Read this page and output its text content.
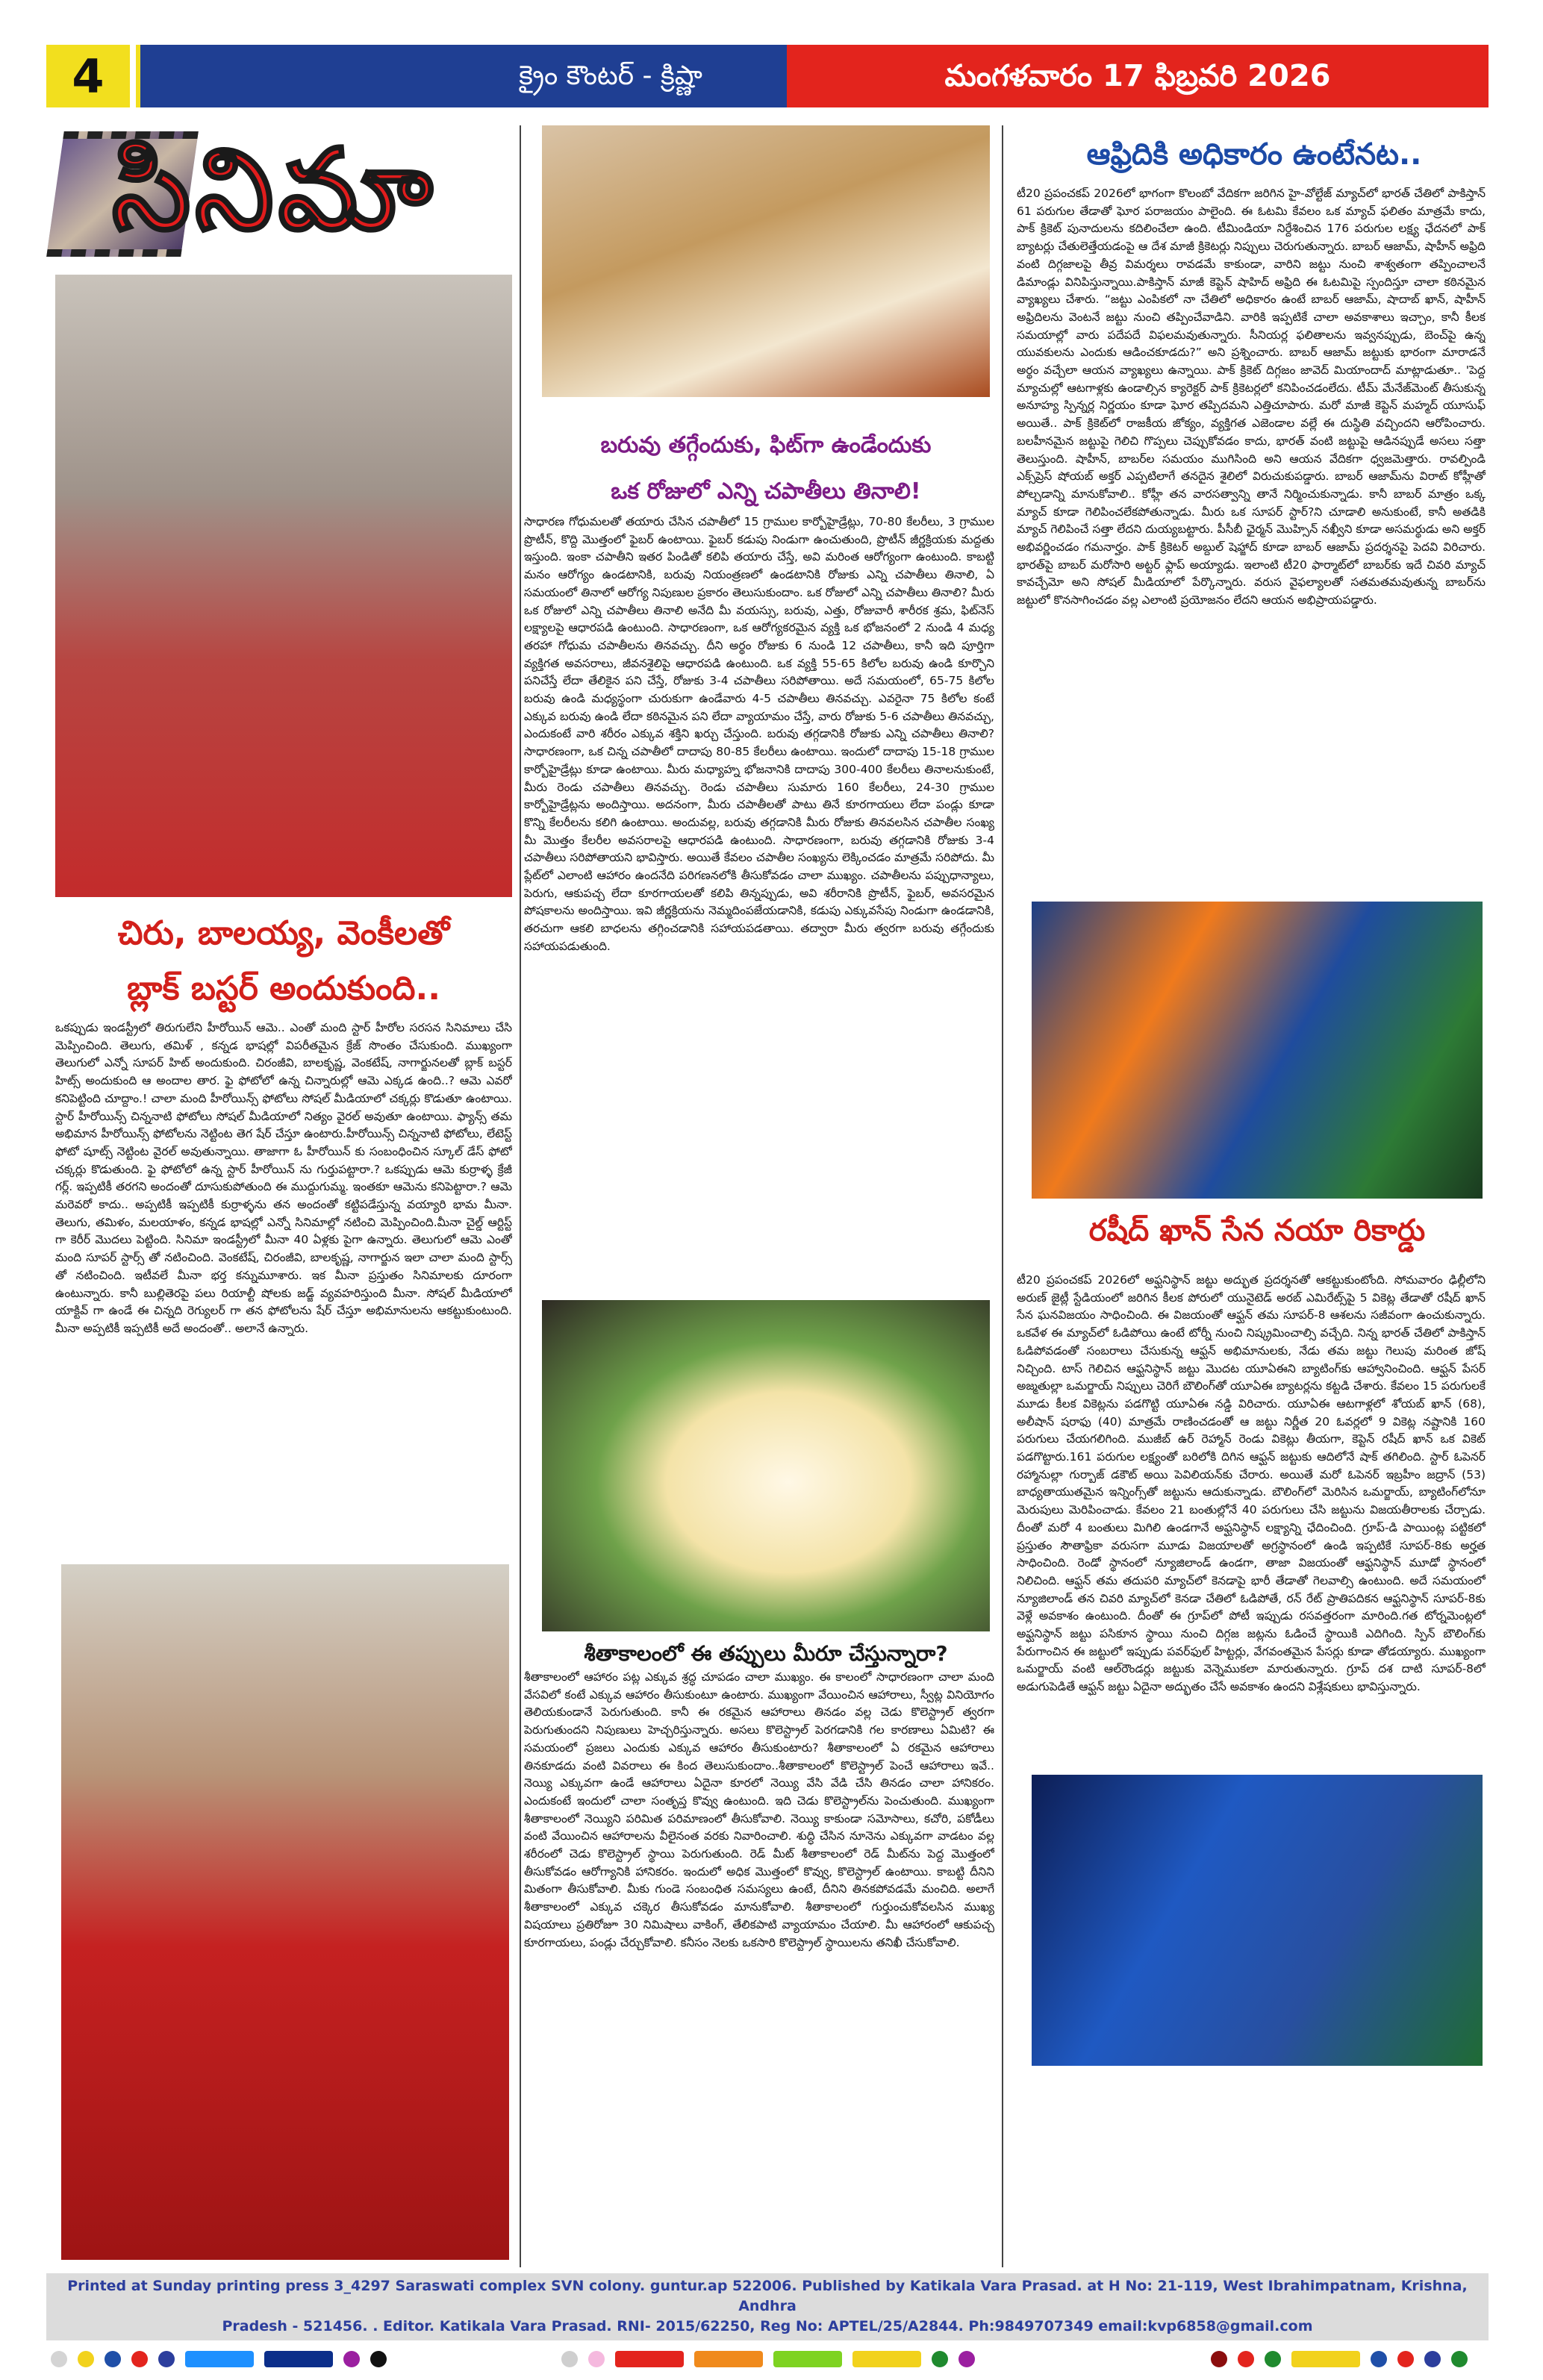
4	క్రైం కౌంటర్ - క్రిష్ణా	మంగళవారం 17 ఫిబ్రవరి 2026
సినిమా
చిరు, బాలయ్య, వెంకీలతో
బ్లాక్ బస్టర్ అందుకుంది..
ఒకప్పుడు ఇండస్ట్రీలో తిరుగులేని హీరోయిన్ ఆమె.. ఎంతో మంది స్టార్ హీరోల సరసన సినిమాలు చేసి మెప్పించింది. తెలుగు, తమిళ్ , కన్నడ భాషల్లో విపరీతమైన క్రేజ్ సొంతం చేసుకుంది. ముఖ్యంగా తెలుగులో ఎన్నో సూపర్ హిట్ అందుకుంది. చిరంజీవి, బాలకృష్ణ, వెంకటేష్, నాగార్జునలతో బ్లాక్ బస్టర్ హిట్స్ అందుకుంది ఆ అందాల తార. ఫై ఫోటోలో ఉన్న చిన్నారుల్లో ఆమె ఎక్కడ ఉంది..? ఆమె ఎవరో కనిపెట్టింది చూద్దాం.! చాలా మంది హీరోయిన్స్ ఫోటోలు సోషల్ మీడియాలో చక్కర్లు కొడుతూ ఉంటాయి. స్టార్ హీరోయిన్స్ చిన్ననాటి ఫోటోలు సోషల్ మీడియాలో నిత్యం వైరల్ అవుతూ ఉంటాయి. ఫ్యాన్స్ తమ అభిమాన హీరోయిన్స్ ఫోటోలను నెట్టింట తెగ షేర్ చేస్తూ ఉంటారు.హీరోయిన్స్ చిన్ననాటి ఫోటోలు, లేటెస్ట్ ఫోటో షూట్స్ నెట్టింట వైరల్ అవుతున్నాయి. తాజాగా ఓ హీరోయిన్ కు సంబంధించిన స్కూల్ డేస్ ఫోటో చక్కర్లు కొడుతుంది. ఫై ఫోటోలో ఉన్న స్టార్ హీరోయిన్ ను గుర్తుపట్టారా.? ఒకప్పుడు ఆమె కుర్రాళ్ళ క్రేజీ గర్ల్. ఇప్పటికీ తరగని అందంతో దూసుకుపోతుంది ఈ ముద్దుగుమ్మ. ఇంతకూ ఆమెను కనిపెట్టారా.? ఆమె మరెవరో కాదు.. అప్పటికీ ఇప్పటికీ కుర్రాళ్ళను తన అందంతో కట్టిపడేస్తున్న వయ్యారి భామ మీనా. తెలుగు, తమిళం, మలయాళం, కన్నడ భాషల్లో ఎన్నో సినిమాల్లో నటించి మెప్పించింది.మీనా చైల్డ్ ఆర్టిస్ట్ గా కెరీర్ మొదలు పెట్టింది. సినిమా ఇండస్ట్రీలో మీనా 40 ఏళ్లకు పైగా ఉన్నారు. తెలుగులో ఆమె ఎంతో మంది సూపర్ స్టార్స్ తో నటించింది. వెంకటేష్, చిరంజీవి, బాలకృష్ణ, నాగార్జున ఇలా చాలా మంది స్టార్స్ తో నటించింది. ఇటీవలే మీనా భర్త కన్నుమూశారు. ఇక మీనా ప్రస్తుతం సినిమాలకు దూరంగా ఉంటున్నారు. కానీ బుల్లితెరపై పలు రియాల్టీ షోలకు జడ్జ్ వ్యవహరిస్తుంది మీనా. సోషల్ మీడియాలో యాక్టివ్ గా ఉండే ఈ చిన్నది రెగ్యులర్ గా తన ఫోటోలను షేర్ చేస్తూ అభిమానులను ఆకట్టుకుంటుంది. మీనా అప్పటికీ ఇప్పటికీ అదే అందంతో.. అలానే ఉన్నారు.
బరువు తగ్గేందుకు, ఫిట్‌గా ఉండేందుకు
ఒక రోజులో ఎన్ని చపాతీలు తినాలి!
సాధారణ గోధుమలతో తయారు చేసిన చపాతీలో 15 గ్రాముల కార్బోహైడ్రేట్లు, 70-80 కేలరీలు, 3 గ్రాముల ప్రొటీన్, కొద్ది మొత్తంలో ఫైబర్ ఉంటాయి. ఫైబర్ కడుపు నిండుగా ఉంచుతుంది, ప్రొటీన్ జీర్ణక్రియకు మద్దతు ఇస్తుంది. ఇంకా చపాతీని ఇతర పిండితో కలిపి తయారు చేస్తే, అవి మరింత ఆరోగ్యంగా ఉంటుంది. కాబట్టి మనం ఆరోగ్యం ఉండటానికి, బరువు నియంత్రణలో ఉండటానికి రోజుకు ఎన్ని చపాతీలు తినాలి, ఏ సమయంలో తినాలో ఆరోగ్య నిపుణుల ప్రకారం తెలుసుకుందాం. ఒక రోజులో ఎన్ని చపాతీలు తినాలి? మీరు ఒక రోజులో ఎన్ని చపాతీలు తినాలి అనేది మీ వయస్సు, బరువు, ఎత్తు, రోజువారీ శారీరక శ్రమ, ఫిట్‌నెస్ లక్ష్యాలపై ఆధారపడి ఉంటుంది. సాధారణంగా, ఒక ఆరోగ్యకరమైన వ్యక్తి ఒక భోజనంలో 2 నుండి 4 మధ్య తరహా గోధుమ చపాతీలను తినవచ్చు. దీని అర్థం రోజుకు 6 నుండి 12 చపాతీలు, కానీ ఇది పూర్తిగా వ్యక్తిగత అవసరాలు, జీవనశైలిపై ఆధారపడి ఉంటుంది. ఒక వ్యక్తి 55-65 కిలోల బరువు ఉండి కూర్చొని పనిచేస్తే లేదా తేలికైన పని చేస్తే, రోజుకు 3-4 చపాతీలు సరిపోతాయి. అదే సమయంలో, 65-75 కిలోల బరువు ఉండి మధ్యస్థంగా చురుకుగా ఉండేవారు 4-5 చపాతీలు తినవచ్చు. ఎవరైనా 75 కిలోల కంటే ఎక్కువ బరువు ఉండి లేదా కఠినమైన పని లేదా వ్యాయామం చేస్తే, వారు రోజుకు 5-6 చపాతీలు తినవచ్చు, ఎందుకంటే వారి శరీరం ఎక్కువ శక్తిని ఖర్చు చేస్తుంది. బరువు తగ్గడానికి రోజుకు ఎన్ని చపాతీలు తినాలి? సాధారణంగా, ఒక చిన్న చపాతీలో దాదాపు 80-85 కేలరీలు ఉంటాయి. ఇందులో దాదాపు 15-18 గ్రాముల కార్బోహైడ్రేట్లు కూడా ఉంటాయి. మీరు మధ్యాహ్న భోజనానికి దాదాపు 300-400 కేలరీలు తినాలనుకుంటే, మీరు రెండు చపాతీలు తినవచ్చు. రెండు చపాతీలు సుమారు 160 కేలరీలు, 24-30 గ్రాముల కార్బోహైడ్రేట్లను అందిస్తాయి. అదనంగా, మీరు చపాతీలతో పాటు తినే కూరగాయలు లేదా పండ్లు కూడా కొన్ని కేలరీలను కలిగి ఉంటాయి. అందువల్ల, బరువు తగ్గడానికి మీరు రోజుకు తినవలసిన చపాతీల సంఖ్య మీ మొత్తం కేలరీల అవసరాలపై ఆధారపడి ఉంటుంది. సాధారణంగా, బరువు తగ్గడానికి రోజుకు 3-4 చపాతీలు సరిపోతాయని భావిస్తారు. అయితే కేవలం చపాతీల సంఖ్యను లెక్కించడం మాత్రమే సరిపోదు. మీ ప్లేట్‌లో ఎలాంటి ఆహారం ఉందనేది పరిగణనలోకి తీసుకోవడం చాలా ముఖ్యం. చపాతీలను పప్పుధాన్యాలు, పెరుగు, ఆకుపచ్చ లేదా కూరగాయలతో కలిపి తిన్నప్పుడు, అవి శరీరానికి ప్రొటీన్, ఫైబర్, అవసరమైన పోషకాలను అందిస్తాయి. ఇవి జీర్ణక్రియను నెమ్మదింపజేయడానికి, కడుపు ఎక్కువసేపు నిండుగా ఉండడానికి, తరచుగా ఆకలి బాధలను తగ్గించడానికి సహాయపడతాయి. తద్వారా మీరు త్వరగా బరువు తగ్గేందుకు సహాయపడుతుంది.
శీతాకాలంలో ఈ తప్పులు మీరూ చేస్తున్నారా?
శీతాకాలంలో ఆహారం పట్ల ఎక్కువ శ్రద్ధ చూపడం చాలా ముఖ్యం. ఈ కాలంలో సాధారణంగా చాలా మంది వేసవిలో కంటే ఎక్కువ ఆహారం తీసుకుంటూ ఉంటారు. ముఖ్యంగా వేయించిన ఆహారాలు, స్వీట్ల వినియోగం తెలియకుండానే పెరుగుతుంది. కానీ ఈ రకమైన ఆహారాలు తినడం వల్ల చెడు కొలెస్ట్రాల్ త్వరగా పెరుగుతుందని నిపుణులు హెచ్చరిస్తున్నారు. అసలు కొలెస్ట్రాల్ పెరగడానికి గల కారణాలు ఏమిటి? ఈ సమయంలో ప్రజలు ఎందుకు ఎక్కువ ఆహారం తీసుకుంటారు? శీతాకాలంలో ఏ రకమైన ఆహారాలు తినకూడదు వంటి వివరాలు ఈ కింద తెలుసుకుందాం..శీతాకాలంలో కొలెస్ట్రాల్ పెంచే ఆహారాలు ఇవే.. నెయ్యి ఎక్కువగా ఉండే ఆహారాలు ఏదైనా కూరలో నెయ్యి వేసి వేడి చేసి తినడం చాలా హానికరం. ఎందుకంటే ఇందులో చాలా సంతృప్త కొవ్వు ఉంటుంది. ఇది చెడు కొలెస్ట్రాల్‌ను పెంచుతుంది. ముఖ్యంగా శీతాకాలంలో నెయ్యిని పరిమిత పరిమాణంలో తీసుకోవాలి. నెయ్యి కాకుండా సమోసాలు, కచోరి, పకోడీలు వంటి వేయించిన ఆహారాలను వీలైనంత వరకు నివారించాలి. శుద్ధి చేసిన నూనెను ఎక్కువగా వాడటం వల్ల శరీరంలో చెడు కొలెస్ట్రాల్ స్థాయి పెరుగుతుంది. రెడ్ మీట్ శీతాకాలంలో రెడ్ మీట్‌ను పెద్ద మొత్తంలో తీసుకోవడం ఆరోగ్యానికి హానికరం. ఇందులో అధిక మొత్తంలో కొవ్వు, కొలెస్ట్రాల్ ఉంటాయి. కాబట్టి దీనిని మితంగా తీసుకోవాలి. మీకు గుండె సంబంధిత సమస్యలు ఉంటే, దీనిని తినకపోవడమే మంచిది. అలాగే శీతాకాలంలో ఎక్కువ చక్కెర తీసుకోవడం మానుకోవాలి. శీతాకాలంలో గుర్తుంచుకోవలసిన ముఖ్య విషయాలు ప్రతిరోజూ 30 నిమిషాలు వాకింగ్, తేలికపాటి వ్యాయామం చేయాలి. మీ ఆహారంలో ఆకుపచ్చ కూరగాయలు, పండ్లు చేర్చుకోవాలి. కనీసం నెలకు ఒకసారి కొలెస్ట్రాల్ స్థాయిలను తనిఖీ చేసుకోవాలి.
ఆఫ్రిదికి అధికారం ఉంటేనట..
టీ20 ప్రపంచకప్ 2026లో భాగంగా కొలంబో వేదికగా జరిగిన హై-వోల్టేజ్ మ్యాచ్‌లో భారత్ చేతిలో పాకిస్తాన్ 61 పరుగుల తేడాతో ఘోర పరాజయం పాలైంది. ఈ ఓటమి కేవలం ఒక మ్యాచ్ ఫలితం మాత్రమే కాదు, పాక్ క్రికెట్ పునాదులను కదిలించేలా ఉంది. టీమిండియా నిర్దేశించిన 176 పరుగుల లక్ష్య ఛేదనలో పాక్ బ్యాటర్లు చేతులెత్తేయడంపై ఆ దేశ మాజీ క్రికెటర్లు నిప్పులు చెరుగుతున్నారు. బాబర్ ఆజామ్, షాహీన్ అఫ్రిది వంటి దిగ్గజాలపై తీవ్ర విమర్శలు రావడమే కాకుండా, వారిని జట్టు నుంచి శాశ్వతంగా తప్పించాలనే డిమాండ్లు వినిపిస్తున్నాయి.పాకిస్తాన్ మాజీ కెప్టెన్ షాహిద్ అఫ్రిది ఈ ఓటమిపై స్పందిస్తూ చాలా కఠినమైన వ్యాఖ్యలు చేశారు. “జట్టు ఎంపికలో నా చేతిలో అధికారం ఉంటే బాబర్ ఆజామ్, షాదాబ్ ఖాన్, షాహీన్ అఫ్రిదిలను వెంటనే జట్టు నుంచి తప్పించేవాడిని. వారికి ఇప్పటికే చాలా అవకాశాలు ఇచ్చాం, కానీ కీలక సమయాల్లో వారు పదేపదే విఫలమవుతున్నారు. సీనియర్ల ఫలితాలను ఇవ్వనప్పుడు, బెంచ్‌పై ఉన్న యువకులను ఎందుకు ఆడించకూడదు?” అని ప్రశ్నించారు. బాబర్ ఆజామ్ జట్టుకు భారంగా మారాడనే అర్థం వచ్చేలా ఆయన వ్యాఖ్యలు ఉన్నాయి. పాక్ క్రికెట్ దిగ్గజం జావెద్ మియాందాద్ మాట్లాడుతూ.. 'పెద్ద మ్యాచుల్లో ఆటగాళ్లకు ఉండాల్సిన క్యారెక్టర్ పాక్ క్రికెటర్లలో కనిపించడంలేదు. టీమ్ మేనేజ్‌మెంట్ తీసుకున్న అనూహ్య స్పిన్నర్ల నిర్ణయం కూడా ఘోర తప్పిదమని ఎత్తిచూపారు. మరో మాజీ కెప్టెన్ మహ్మద్ యూసుఫ్ అయితే.. పాక్ క్రికెట్‌లో రాజకీయ జోక్యం, వ్యక్తిగత ఎజెండాల వల్లే ఈ దుస్థితి వచ్చిందని ఆరోపించారు. బలహీనమైన జట్టుపై గెలిచి గొప్పలు చెప్పుకోవడం కాదు, భారత్ వంటి జట్టుపై ఆడినప్పుడే అసలు సత్తా తెలుస్తుంది. షాహీన్, బాబర్‌ల సమయం ముగిసింది అని ఆయన వేదికగా ధ్వజమెత్తారు. రావల్పిండి ఎక్స్‌ప్రెస్ షోయబ్ అక్తర్ ఎప్పటిలాగే తనదైన శైలిలో విరుచుకుపడ్డారు. బాబర్ ఆజామ్‌ను విరాట్ కోహ్లీతో పోల్చడాన్ని మానుకోవాలి.. కోహ్లీ తన వారసత్వాన్ని తానే నిర్మించుకున్నాడు. కానీ బాబర్ మాత్రం ఒక్క మ్యాచ్ కూడా గెలిపించలేకపోతున్నాడు. మీరు ఒక సూపర్ స్టార్?ని చూడాలి అనుకుంటే, కానీ అతడికి మ్యాచ్ గెలిపించే సత్తా లేదని దుయ్యబట్టారు. పీసీబీ ఛైర్మన్ మొహ్సిన్ నఖ్వీని కూడా అసమర్థుడు అని అక్తర్ అభివర్ణించడం గమనార్హం. పాక్ క్రికెటర్ అబ్దుల్ షెహ్జాద్ కూడా బాబర్ ఆజామ్ ప్రదర్శనపై పెదవి విరిచారు. భారత్‌పై బాబర్ మరోసారి అట్టర్ ఫ్లాప్ అయ్యాడు. ఇలాంటి టీ20 ఫార్మాట్‌లో బాబర్‌కు ఇదే చివరి మ్యాచ్ కావచ్చేమో అని సోషల్ మీడియాలో పేర్కొన్నారు. వరుస వైఫల్యాలతో సతమతమవుతున్న బాబర్‌ను జట్టులో కొనసాగించడం వల్ల ఎలాంటి ప్రయోజనం లేదని ఆయన అభిప్రాయపడ్డారు.
రషీద్ ఖాన్ సేన నయా రికార్డు
టీ20 ప్రపంచకప్ 2026లో అఫ్ఘనిస్థాన్ జట్టు అద్భుత ప్రదర్శనతో ఆకట్టుకుంటోంది. సోమవారం ఢిల్లీలోని అరుణ్ జైట్లీ స్టేడియంలో జరిగిన కీలక పోరులో యునైటెడ్ అరబ్ ఎమిరేట్స్‌పై 5 వికెట్ల తేడాతో రషీద్ ఖాన్ సేన ఘనవిజయం సాధించింది. ఈ విజయంతో ఆఫ్ఘన్ తమ సూపర్-8 ఆశలను సజీవంగా ఉంచుకున్నారు. ఒకవేళ ఈ మ్యాచ్‌లో ఓడిపోయి ఉంటే టోర్నీ నుంచి నిష్క్రమించాల్సి వచ్చేది. నిన్న భారత్ చేతిలో పాకిస్తాన్ ఓడిపోవడంతో సంబరాలు చేసుకున్న ఆఫ్ఘన్ అభిమానులకు, నేడు తమ జట్టు గెలుపు మరింత జోష్ నిచ్చింది. టాస్ గెలిచిన ఆఫ్ఘనిస్థాన్ జట్టు మొదట యూఏఈని బ్యాటింగ్‌కు ఆహ్వానించింది. ఆఫ్ఘన్ పేసర్ అజ్మతుల్లా ఒమర్జాయ్ నిప్పులు చెరిగే బౌలింగ్‌తో యూఏఈ బ్యాటర్లను కట్టడి చేశారు. కేవలం 15 పరుగులకే మూడు కీలక వికెట్లను పడగొట్టి యూఏఈ నడ్డి విరిచారు. యూఏఈ ఆటగాళ్లలో శోయబ్ ఖాన్ (68), అలీషాన్ షరాఫు (40) మాత్రమే రాణించడంతో ఆ జట్టు నిర్ణీత 20 ఓవర్లలో 9 వికెట్ల నష్టానికి 160 పరుగులు చేయగలిగింది. ముజీబ్ ఉర్ రెహ్మాన్ రెండు వికెట్లు తీయగా, కెప్టెన్ రషీద్ ఖాన్ ఒక వికెట్ పడగొట్టారు.161 పరుగుల లక్ష్యంతో బరిలోకి దిగిన ఆఫ్ఘన్ జట్టుకు ఆదిలోనే షాక్ తగిలింది. స్టార్ ఓపెనర్ రహ్మానుల్లా గుర్బాజ్ డకౌట్ అయి పెవిలియన్‌కు చేరారు. అయితే మరో ఓపెనర్ ఇబ్రహీం జద్రాన్ (53) బాధ్యతాయుతమైన ఇన్నింగ్స్‌తో జట్టును ఆదుకున్నాడు. బౌలింగ్‌లో మెరిసిన ఒమర్జాయ్, బ్యాటింగ్‌లోనూ మెరుపులు మెరిపించాడు. కేవలం 21 బంతుల్లోనే 40 పరుగులు చేసి జట్టును విజయతీరాలకు చేర్చాడు. దీంతో మరో 4 బంతులు మిగిలి ఉండగానే అఫ్ఘనిస్థాన్ లక్ష్యాన్ని ఛేదించింది. గ్రూప్-డి పాయింట్ల పట్టికలో ప్రస్తుతం సౌతాఫ్రికా వరుసగా మూడు విజయాలతో అగ్రస్థానంలో ఉండి ఇప్పటికే సూపర్-8కు అర్హత సాధించింది. రెండో స్థానంలో న్యూజిలాండ్ ఉండగా, తాజా విజయంతో ఆఫ్ఘనిస్థాన్ మూడో స్థానంలో నిలిచింది. ఆఫ్ఘన్ తమ తదుపరి మ్యాచ్‌లో కెనడాపై భారీ తేడాతో గెలవాల్సి ఉంటుంది. అదే సమయంలో న్యూజిలాండ్ తన చివరి మ్యాచ్‌లో కెనడా చేతిలో ఓడిపోతే, రన్ రేట్ ప్రాతిపదికన ఆఫ్ఘనిస్థాన్ సూపర్-8కు వెళ్లే అవకాశం ఉంటుంది. దీంతో ఈ గ్రూప్‌లో పోటీ ఇప్పుడు రసవత్తరంగా మారింది.గత టోర్నమెంట్లలో అఫ్ఘనిస్థాన్ జట్టు పసికూన స్థాయి నుంచి దిగ్గజ జట్లను ఓడించే స్థాయికి ఎదిగింది. స్పిన్ బౌలింగ్‌కు పేరుగాంచిన ఈ జట్టులో ఇప్పుడు పవర్‌ఫుల్ హిట్టర్లు, వేగవంతమైన పేసర్లు కూడా తోడయ్యారు. ముఖ్యంగా ఒమర్జాయ్ వంటి ఆల్‌రౌండర్లు జట్టుకు వెన్నెముకలా మారుతున్నారు. గ్రూప్ దశ దాటి సూపర్-8లో అడుగుపెడితే ఆఫ్ఘన్ జట్టు ఏదైనా అద్భుతం చేసే అవకాశం ఉందని విశ్లేషకులు భావిస్తున్నారు.
Printed at Sunday printing press 3_4297 Saraswati complex SVN colony. guntur.ap 522006. Published by Katikala Vara Prasad. at H No: 21-119, West Ibrahimpatnam, Krishna, Andhra
Pradesh - 521456. . Editor. Katikala Vara Prasad. RNI- 2015/62250, Reg No: APTEL/25/A2844. Ph:9849707349 email:kvp6858@gmail.com
